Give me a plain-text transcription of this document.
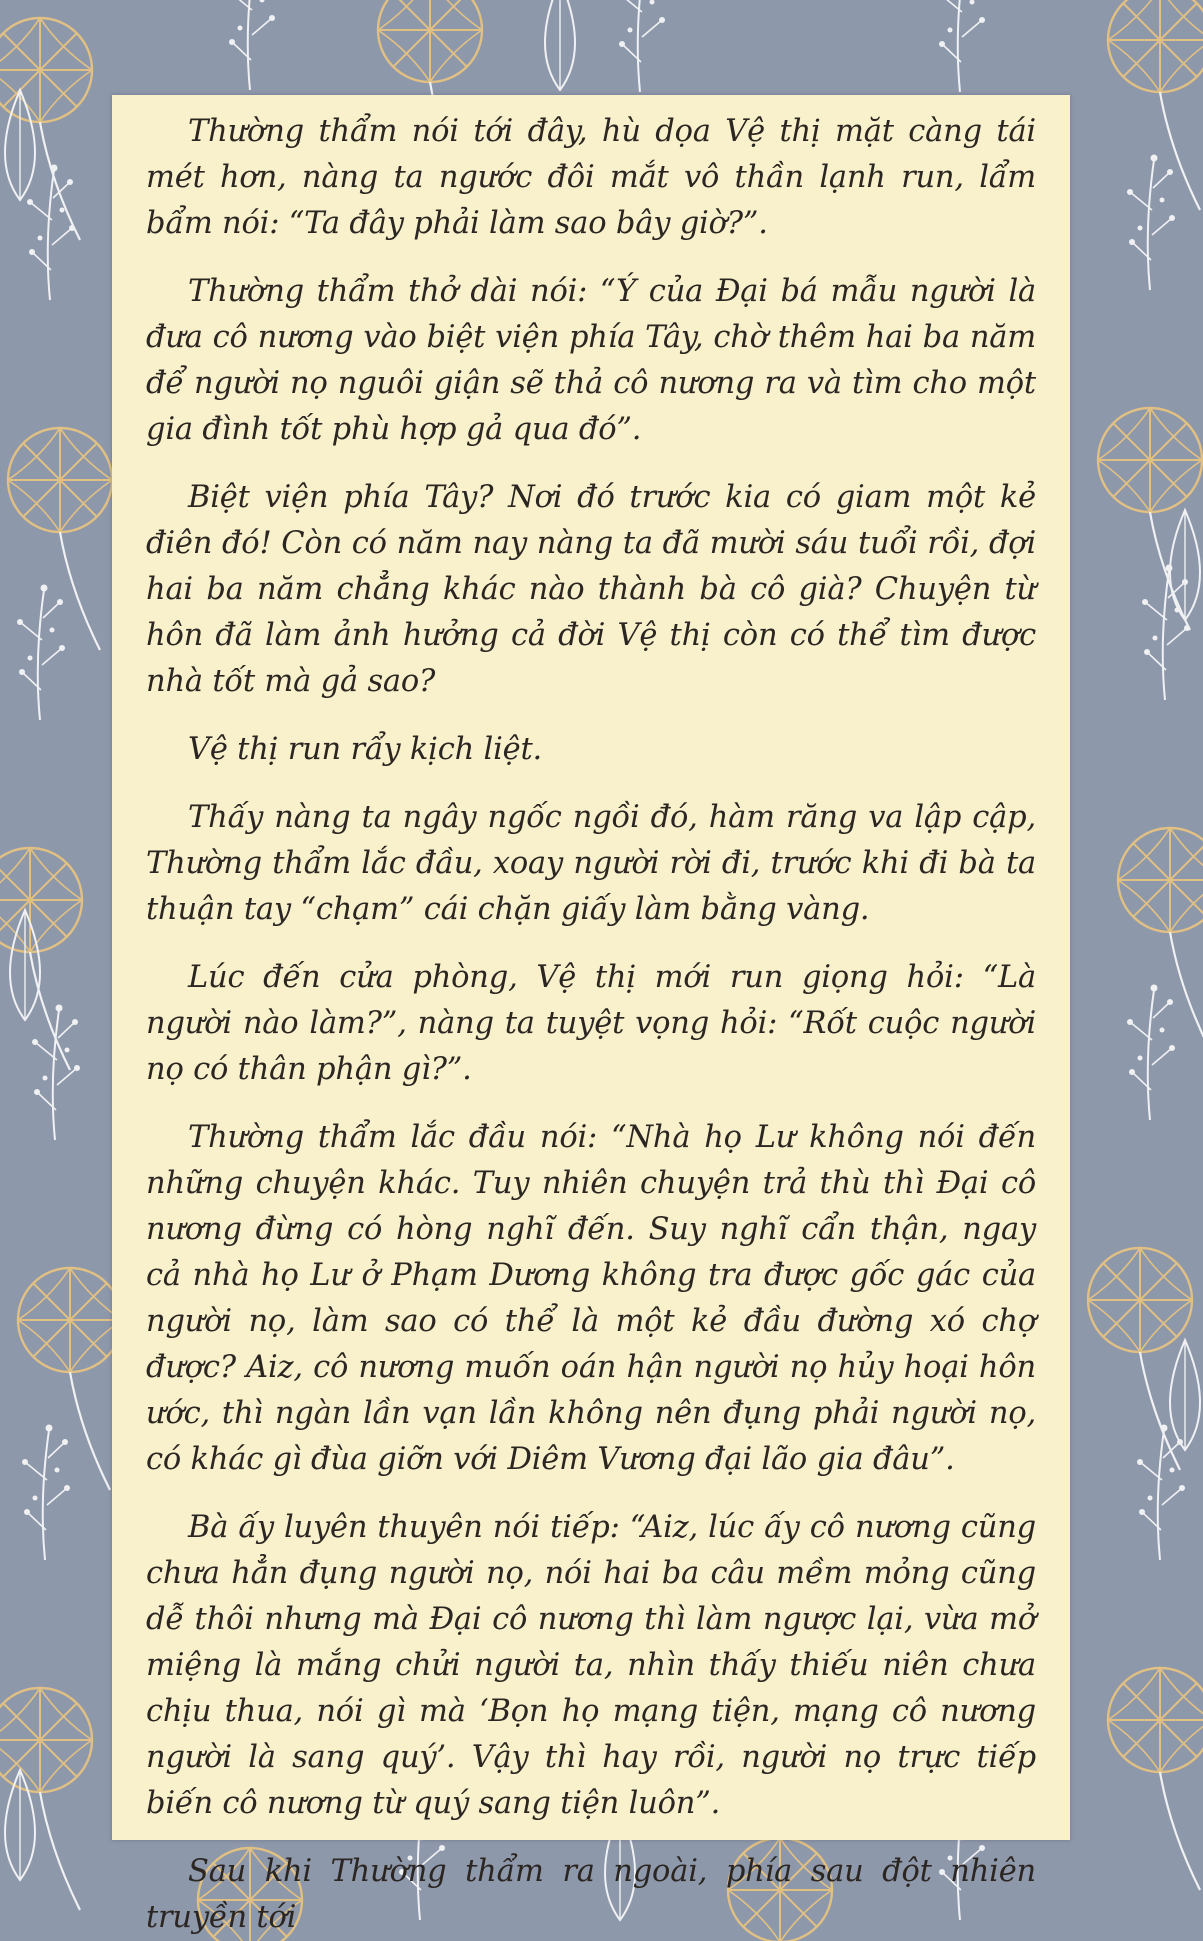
Thường thẩm nói tới đây, hù dọa Vệ thị mặt càng tái mét hơn, nàng ta ngước đôi mắt vô thần lạnh run, lẩm bẩm nói: “Ta đây phải làm sao bây giờ?”.

Thường thẩm thở dài nói: “Ý của Đại bá mẫu người là đưa cô nương vào biệt viện phía Tây, chờ thêm hai ba năm để người nọ nguôi giận sẽ thả cô nương ra và tìm cho một gia đình tốt phù hợp gả qua đó”.

Biệt viện phía Tây? Nơi đó trước kia có giam một kẻ điên đó! Còn có năm nay nàng ta đã mười sáu tuổi rồi, đợi hai ba năm chẳng khác nào thành bà cô già? Chuyện từ hôn đã làm ảnh hưởng cả đời Vệ thị còn có thể tìm được nhà tốt mà gả sao?

Vệ thị run rẩy kịch liệt.

Thấy nàng ta ngây ngốc ngồi đó, hàm răng va lập cập, Thường thẩm lắc đầu, xoay người rời đi, trước khi đi bà ta thuận tay “chạm” cái chặn giấy làm bằng vàng.

Lúc đến cửa phòng, Vệ thị mới run giọng hỏi: “Là người nào làm?”, nàng ta tuyệt vọng hỏi: “Rốt cuộc người nọ có thân phận gì?”.

Thường thẩm lắc đầu nói: “Nhà họ Lư không nói đến những chuyện khác. Tuy nhiên chuyện trả thù thì Đại cô nương đừng có hòng nghĩ đến. Suy nghĩ cẩn thận, ngay cả nhà họ Lư ở Phạm Dương không tra được gốc gác của người nọ, làm sao có thể là một kẻ đầu đường xó chợ được? Aiz, cô nương muốn oán hận người nọ hủy hoại hôn ước, thì ngàn lần vạn lần không nên đụng phải người nọ, có khác gì đùa giỡn với Diêm Vương đại lão gia đâu”.

Bà ấy luyên thuyên nói tiếp: “Aiz, lúc ấy cô nương cũng chưa hẳn đụng người nọ, nói hai ba câu mềm mỏng cũng dễ thôi nhưng mà Đại cô nương thì làm ngược lại, vừa mở miệng là mắng chửi người ta, nhìn thấy thiếu niên chưa chịu thua, nói gì mà ‘Bọn họ mạng tiện, mạng cô nương người là sang quý’. Vậy thì hay rồi, người nọ trực tiếp biến cô nương từ quý sang tiện luôn”.

Sau khi Thường thẩm ra ngoài, phía sau đột nhiên truyền tới
